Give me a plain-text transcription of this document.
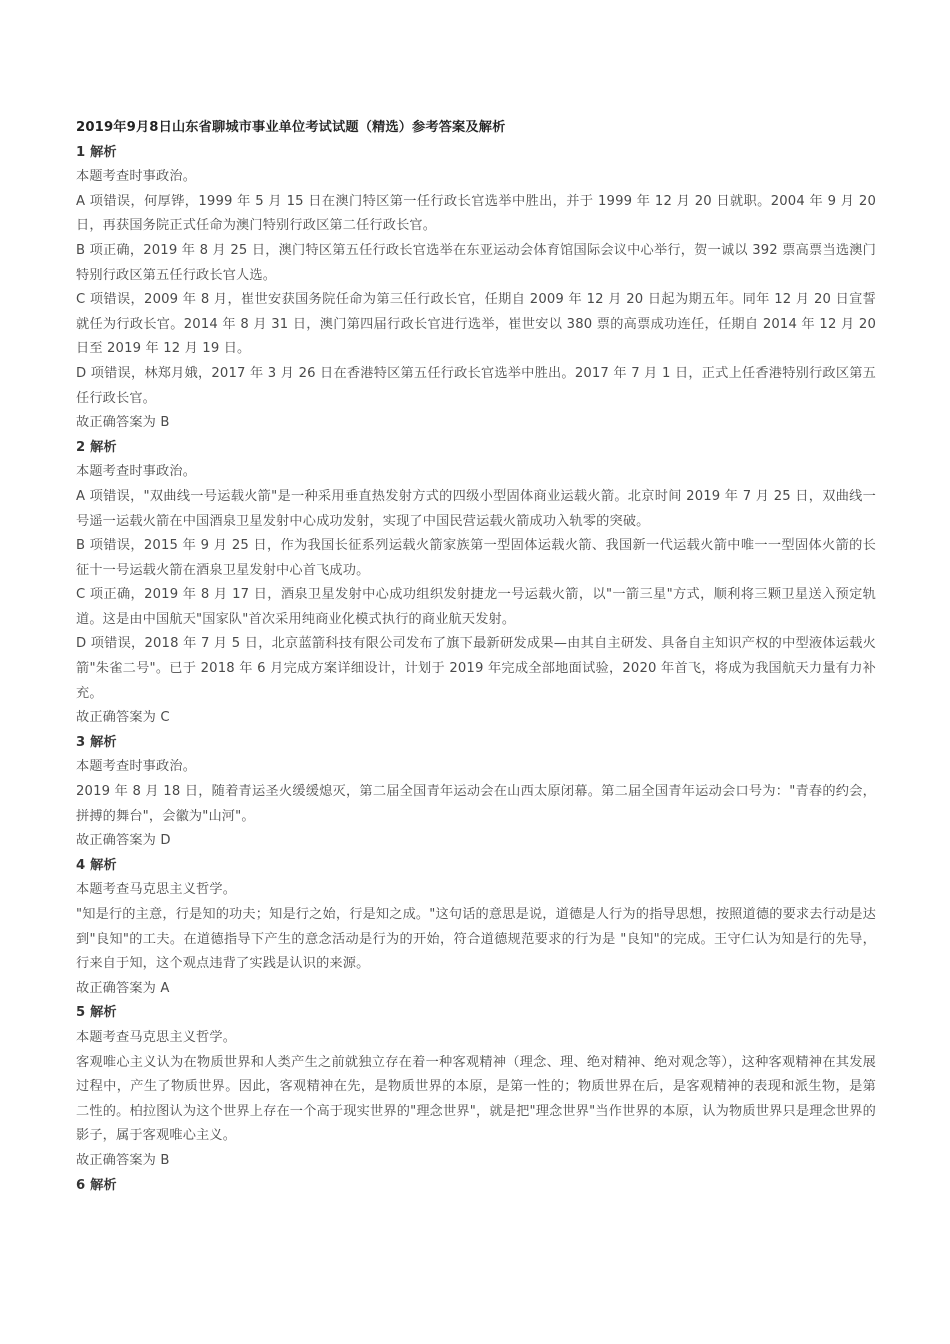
2019年9月8日山东省聊城市事业单位考试试题（精选）参考答案及解析
1 解析

本题考查时事政治。

A 项错误，何厚铧，1999 年 5 月 15 日在澳门特区第一任行政长官选举中胜出，并于 1999 年 12 月 20 日就职。2004 年 9 月 20 日，再获国务院正式任命为澳门特别行政区第二任行政长官。

B 项正确，2019 年 8 月 25 日，澳门特区第五任行政长官选举在东亚运动会体育馆国际会议中心举行，贺一诚以 392 票高票当选澳门特别行政区第五任行政长官人选。

C 项错误，2009 年 8 月，崔世安获国务院任命为第三任行政长官，任期自 2009 年 12 月 20 日起为期五年。同年 12 月 20 日宣誓就任为行政长官。2014 年 8 月 31 日，澳门第四届行政长官进行选举，崔世安以 380 票的高票成功连任，任期自 2014 年 12 月 20 日至 2019 年 12 月 19 日。

D 项错误，林郑月娥，2017 年 3 月 26 日在香港特区第五任行政长官选举中胜出。2017 年 7 月 1 日，正式上任香港特别行政区第五任行政长官。

故正确答案为 B

2 解析

本题考查时事政治。

A 项错误，"双曲线一号运载火箭"是一种采用垂直热发射方式的四级小型固体商业运载火箭。北京时间 2019 年 7 月 25 日，双曲线一号遥一运载火箭在中国酒泉卫星发射中心成功发射，实现了中国民营运载火箭成功入轨零的突破。

B 项错误，2015 年 9 月 25 日，作为我国长征系列运载火箭家族第一型固体运载火箭、我国新一代运载火箭中唯一一型固体火箭的长征十一号运载火箭在酒泉卫星发射中心首飞成功。

C 项正确，2019 年 8 月 17 日，酒泉卫星发射中心成功组织发射捷龙一号运载火箭，以"一箭三星"方式，顺利将三颗卫星送入预定轨道。这是由中国航天"国家队"首次采用纯商业化模式执行的商业航天发射。

D 项错误，2018 年 7 月 5 日，北京蓝箭科技有限公司发布了旗下最新研发成果—由其自主研发、具备自主知识产权的中型液体运载火箭"朱雀二号"。已于 2018 年 6 月完成方案详细设计，计划于 2019 年完成全部地面试验，2020 年首飞，将成为我国航天力量有力补充。

故正确答案为 C

3 解析

本题考查时事政治。

2019 年 8 月 18 日，随着青运圣火缓缓熄灭，第二届全国青年运动会在山西太原闭幕。第二届全国青年运动会口号为："青春的约会，拼搏的舞台"，会徽为"山河"。

故正确答案为 D

4 解析

本题考查马克思主义哲学。

"知是行的主意，行是知的功夫；知是行之始，行是知之成。"这句话的意思是说，道德是人行为的指导思想，按照道德的要求去行动是达到"良知"的工夫。在道德指导下产生的意念活动是行为的开始，符合道德规范要求的行为是 "良知"的完成。王守仁认为知是行的先导，行来自于知，这个观点违背了实践是认识的来源。

故正确答案为 A

5 解析

本题考查马克思主义哲学。

客观唯心主义认为在物质世界和人类产生之前就独立存在着一种客观精神（理念、理、绝对精神、绝对观念等），这种客观精神在其发展过程中，产生了物质世界。因此，客观精神在先，是物质世界的本原，是第一性的；物质世界在后，是客观精神的表现和派生物，是第二性的。柏拉图认为这个世界上存在一个高于现实世界的"理念世界"，就是把"理念世界"当作世界的本原，认为物质世界只是理念世界的影子，属于客观唯心主义。

故正确答案为 B

6 解析
